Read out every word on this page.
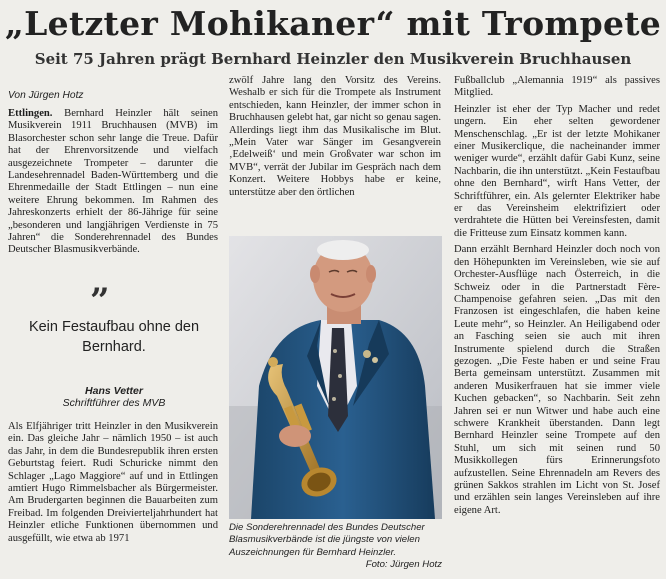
„Letzter Mohikaner“ mit Trompete
Seit 75 Jahren prägt Bernhard Heinzler den Musikverein Bruchhausen
Von Jürgen Hotz

Ettlingen. Bernhard Heinzler hält seinen Musikverein 1911 Bruchhausen (MVB) im Blasorchester schon sehr lange die Treue. Dafür hat der Ehrenvorsitzende und vielfach ausgezeichnete Trompeter – darunter die Landesehrennadel Baden-Württemberg und die Ehrenmedaille der Stadt Ettlingen – nun eine weitere Ehrung bekommen. Im Rahmen des Jahreskonzerts erhielt der 86-Jährige für seine „besonderen und langjährigen Verdienste in 75 Jahren“ die Sonderehrennadel des Bundes Deutscher Blasmusikverbände.

”
Kein Festaufbau ohne den Bernhard.
Hans Vetter
Schriftführer des MVB

Als Elfjähriger tritt Heinzler in den Musikverein ein. Das gleiche Jahr – nämlich 1950 – ist auch das Jahr, in dem die Bundesrepublik ihren ersten Geburtstag feiert. Rudi Schuricke nimmt den Schlager „Lago Maggiore“ auf und in Ettlingen amtiert Hugo Rimmelsbacher als Bürgermeister. Am Brudergarten beginnen die Bauarbeiten zum Freibad. Im folgenden Dreivierteljahrhundert hat Heinzler etliche Funktionen übernommen und ausgefüllt, wie etwa ab 1971

zwölf Jahre lang den Vorsitz des Vereins. Weshalb er sich für die Trompete als Instrument entschieden, kann Heinzler, der immer schon in Bruchhausen gelebt hat, gar nicht so genau sagen. Allerdings liegt ihm das Musikalische im Blut. „Mein Vater war Sänger im Gesangverein ‚Edelweiß‘ und mein Großvater war schon im MVB“, verrät der Jubilar im Gespräch nach dem Konzert. Weitere Hobbys habe er keine, unterstütze aber den örtlichen

Die Sonderehrennadel des Bundes Deutscher Blasmusikverbände ist die jüngste von vielen Auszeichnungen für Bernhard Heinzler.
Foto: Jürgen Hotz

Fußballclub „Alemannia 1919“ als passives Mitglied.

Heinzler ist eher der Typ Macher und redet ungern. Ein eher selten gewordener Menschenschlag. „Er ist der letzte Mohikaner einer Musikerclique, die nacheinander immer weniger wurde“, erzählt dafür Gabi Kunz, seine Nachbarin, die ihn unterstützt. „Kein Festaufbau ohne den Bernhard“, wirft Hans Vetter, der Schriftführer, ein. Als gelernter Elektriker habe er das Vereinsheim elektrifiziert oder verdrahtete die Hütten bei Vereinsfesten, damit die Fritteuse zum Einsatz kommen kann.

Dann erzählt Bernhard Heinzler doch noch von den Höhepunkten im Vereinsleben, wie sie auf Orchester-Ausflüge nach Österreich, in die Schweiz oder in die Partnerstadt Fère-Champenoise gefahren seien. „Das mit den Franzosen ist eingeschlafen, die haben keine Leute mehr“, so Heinzler. An Heiligabend oder an Fasching seien sie auch mit ihren Instrumente spielend durch die Straßen gezogen. „Die Feste haben er und seine Frau Berta gemeinsam unterstützt. Zusammen mit anderen Musikerfrauen hat sie immer viele Kuchen gebacken“, so Nachbarin. Seit zehn Jahren sei er nun Witwer und habe auch eine schwere Krankheit überstanden. Dann legt Bernhard Heinzler seine Trompete auf den Stuhl, um sich mit seinen rund 50 Musikkollegen fürs Erinnerungsfoto aufzustellen. Seine Ehrennadeln am Revers des grünen Sakkos strahlen im Licht von St. Josef und erzählen sein langes Vereinsleben auf ihre eigene Art.
